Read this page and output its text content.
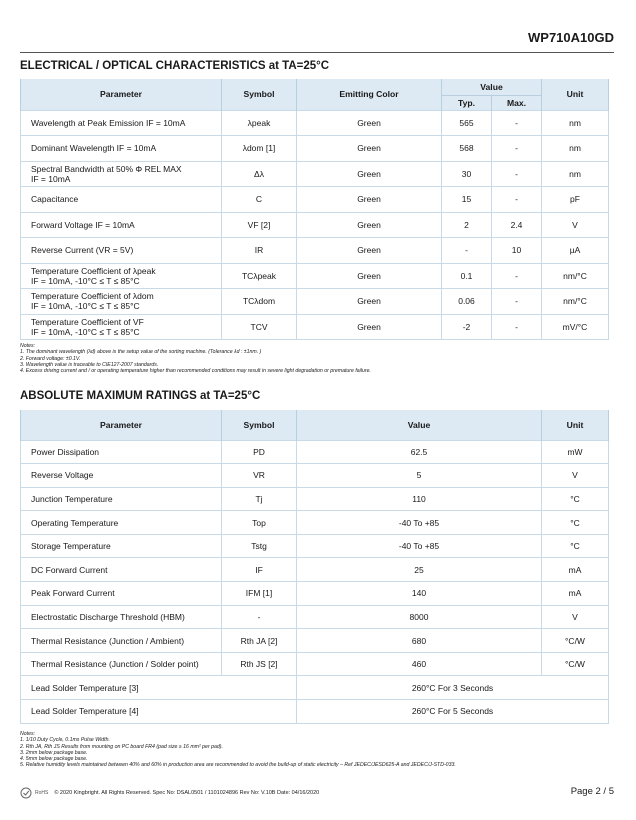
WP710A10GD
ELECTRICAL / OPTICAL CHARACTERISTICS at TA=25°C
Parameter	Symbol	Emitting Color	Value		Unit
			Typ.	Max.	
Wavelength at Peak Emission IF = 10mA	λpeak	Green	565	-	nm
Dominant Wavelength IF = 10mA	λdom [1]	Green	568	-	nm
Spectral Bandwidth at 50% Φ REL MAX
IF = 10mA	Δλ	Green	30	-	nm
Capacitance	C	Green	15	-	pF
Forward Voltage IF = 10mA	VF [2]	Green	2	2.4	V
Reverse Current (VR = 5V)	IR	Green	-	10	µA
Temperature Coefficient of λpeak
IF = 10mA, -10°C ≤ T ≤ 85°C	TCλpeak	Green	0.1	-	nm/°C
Temperature Coefficient of λdom
IF = 10mA, -10°C ≤ T ≤ 85°C	TCλdom	Green	0.06	-	nm/°C
Temperature Coefficient of VF
IF = 10mA, -10°C ≤ T ≤ 85°C	TCV	Green	-2	-	mV/°C
Notes:
1. The dominant wavelength (λd) above is the setup value of the sorting machine. (Tolerance λd : ±1nm. )
2. Forward voltage: ±0.1V.
3. Wavelength value is traceable to CIE127-2007 standards.
4. Excess driving current and / or operating temperature higher than recommended conditions may result in severe light degradation or premature failure.
ABSOLUTE MAXIMUM RATINGS at TA=25°C
Parameter	Symbol	Value	Unit
Power Dissipation	PD	62.5	mW
Reverse Voltage	VR	5	V
Junction Temperature	Tj	110	°C
Operating Temperature	Top	-40 To +85	°C
Storage Temperature	Tstg	-40 To +85	°C
DC Forward Current	IF	25	mA
Peak Forward Current	IFM [1]	140	mA
Electrostatic Discharge Threshold (HBM)	-	8000	V
Thermal Resistance (Junction / Ambient)	Rth JA [2]	680	°C/W
Thermal Resistance (Junction / Solder point)	Rth JS [2]	460	°C/W
Lead Solder Temperature [3]		260°C For 3 Seconds	
Lead Solder Temperature [4]		260°C For 5 Seconds	
Notes:
1. 1/10 Duty Cycle, 0.1ms Pulse Width.
2. Rth JA, Rth JS Results from mounting on PC board FR4 (pad size ≥ 16 mm² per pad).
3. 2mm below package base.
4. 5mm below package base.
5. Relative humidity levels maintained between 40% and 60% in production area are recommended to avoid the build-up of static electricity – Ref JEDEC/JESD625-A and JEDEC/J-STD-033.
RoHS © 2020 Kingbright. All Rights Reserved. Spec No: DSAL0501 / 1101024896 Rev No: V.10B Date: 04/16/2020	Page 2 / 5
